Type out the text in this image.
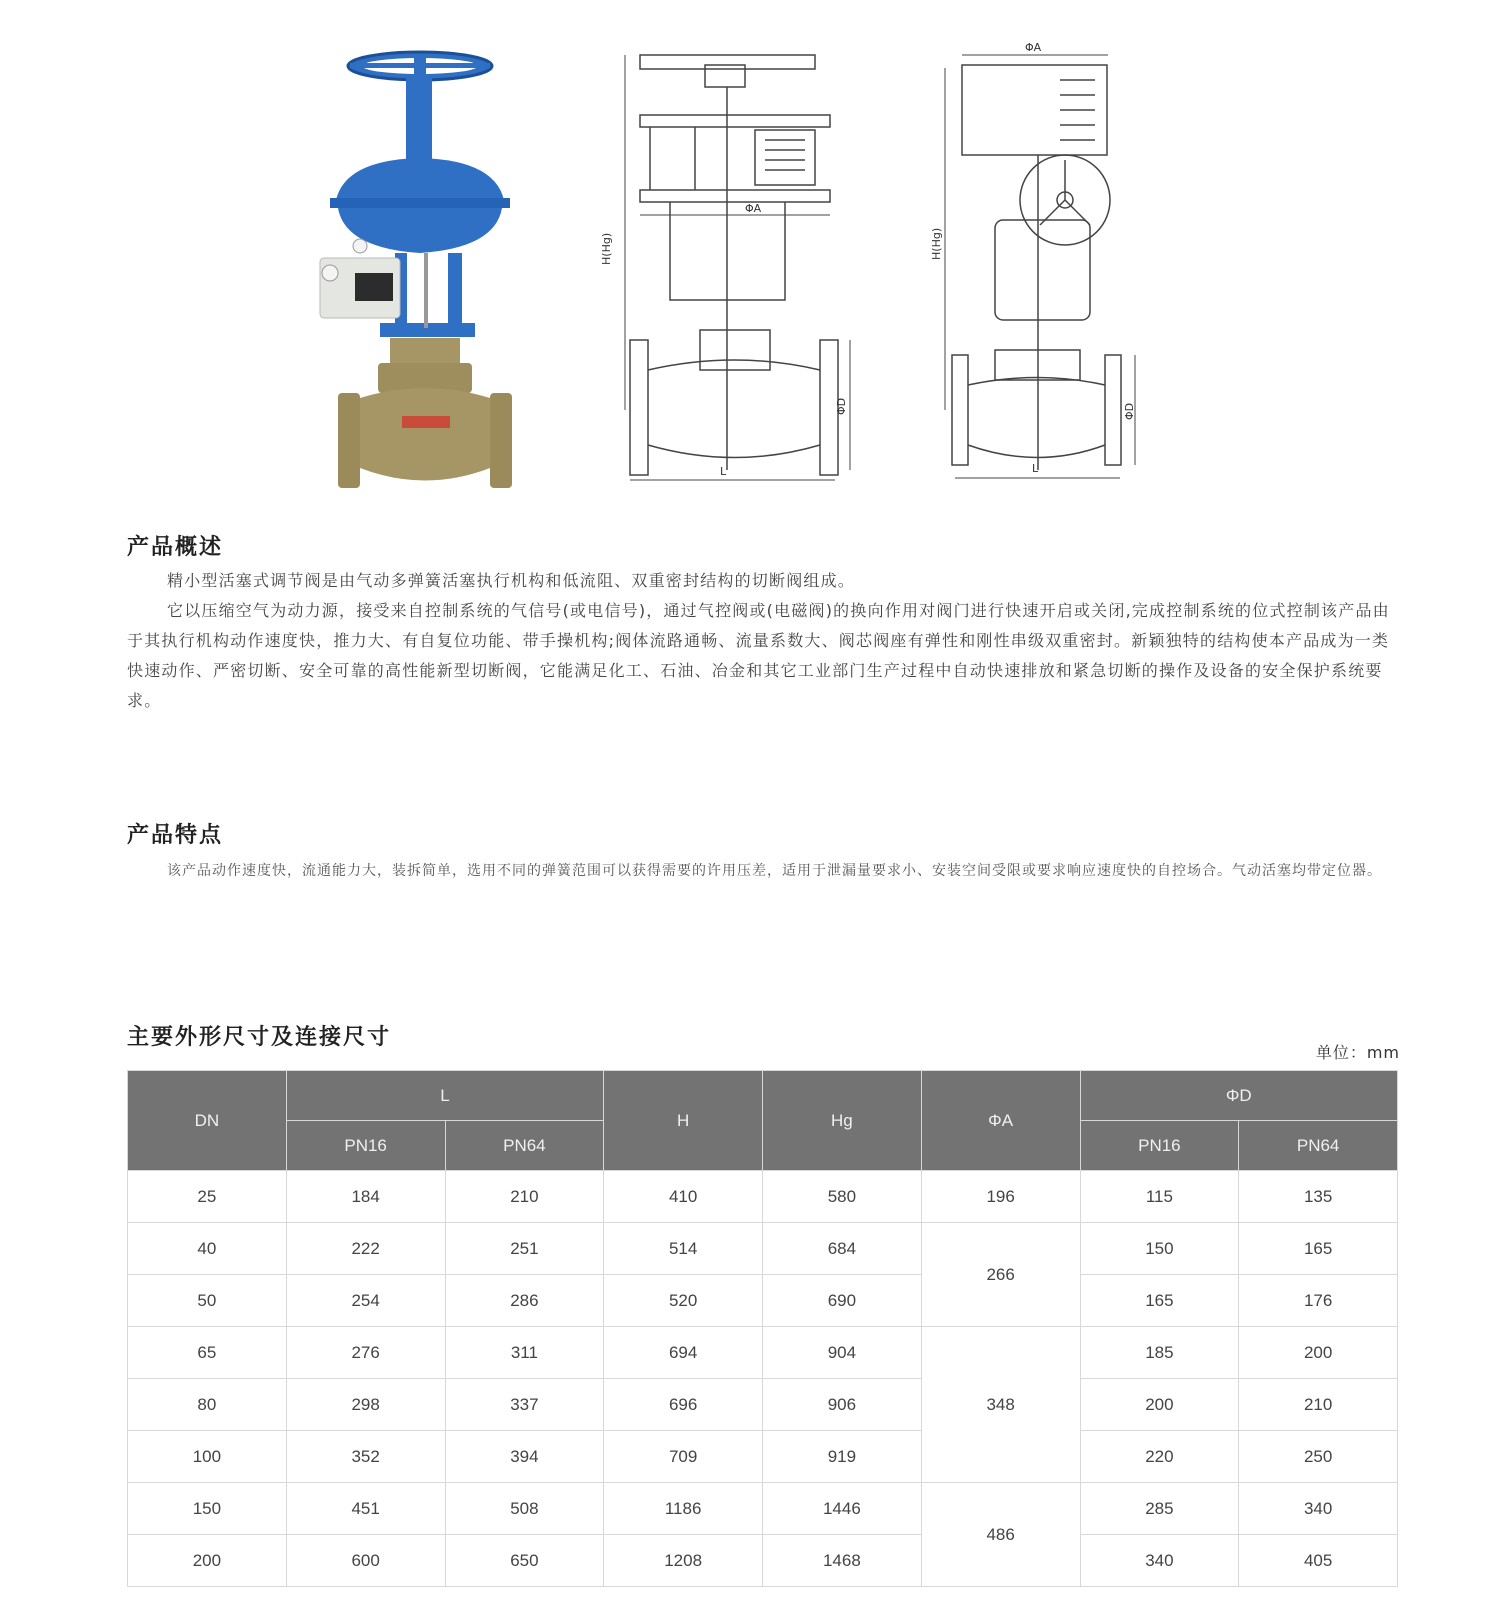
H(Hg)
ΦA
L
ΦD
ΦA
H(Hg)
L
ΦD
产品概述

精小型活塞式调节阀是由气动多弹簧活塞执行机构和低流阻、双重密封结构的切断阀组成。

它以压缩空气为动力源，接受来自控制系统的气信号(或电信号)，通过气控阀或(电磁阀)的换向作用对阀门进行快速开启或关闭,完成控制系统的位式控制该产品由于其执行机构动作速度快，推力大、有自复位功能、带手操机构;阀体流路通畅、流量系数大、阀芯阀座有弹性和刚性串级双重密封。新颖独特的结构使本产品成为一类快速动作、严密切断、安全可靠的高性能新型切断阀，它能满足化工、石油、冶金和其它工业部门生产过程中自动快速排放和紧急切断的操作及设备的安全保护系统要求。

产品特点

该产品动作速度快，流通能力大，装拆简单，选用不同的弹簧范围可以获得需要的许用压差，适用于泄漏量要求小、安装空间受限或要求响应速度快的自控场合。气动活塞均带定位器。

主要外形尺寸及连接尺寸
单位：mm
DN	L		H	Hg	ΦA	ΦD	
	PN16	PN64				PN16	PN64
25	184	210	410	580	196	115	135
40	222	251	514	684	266	150	165
50	254	286	520	690		165	176
65	276	311	694	904	348	185	200
80	298	337	696	906		200	210
100	352	394	709	919		220	250
150	451	508	1186	1446	486	285	340
200	600	650	1208	1468		340	405
